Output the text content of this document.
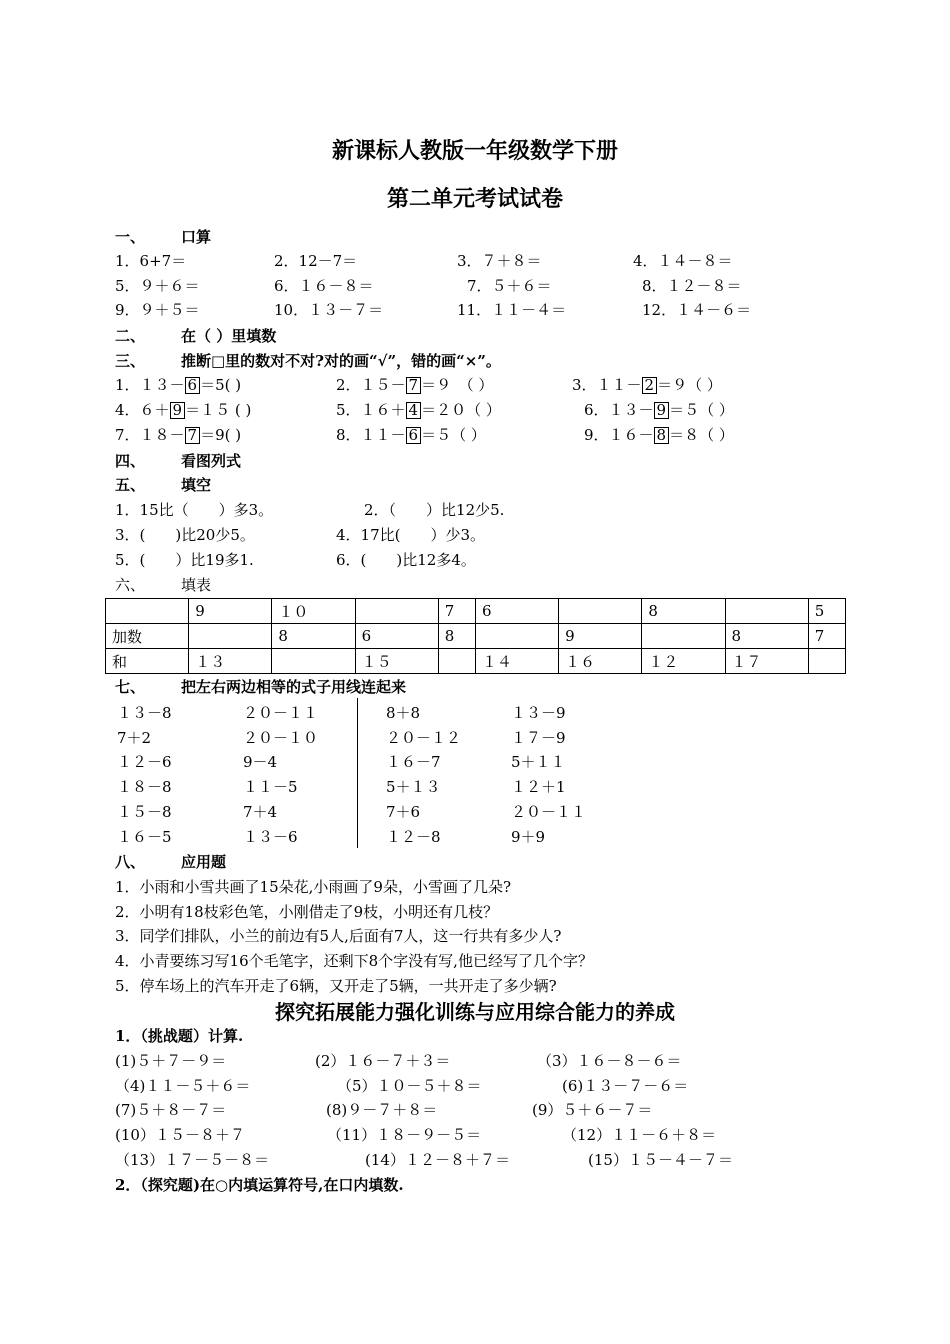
新课标人教版一年级数学下册
第二单元考试试卷
一、 口算
1．6+7＝	2．12－7＝	3．７＋８＝	4．１４－８＝
5．９＋６＝	6．１６－８＝	7．５＋６＝	8．１２－８＝
9．９＋５＝	10．１３－７＝	11．１１－４＝	12．１４－６＝
二、 在（ ）里填数
三、 推断□里的数对不对?对的画“√”，错的画“×”。
1．１３－ 6 ＝5( )	2．１５－ 7 ＝９　（ ）	3．１１－ 2 ＝９（ ）
4．６＋ 9 ＝１５ ( )	5．１６＋ 4 ＝２０（ ）	6．１３－ 9 ＝５（ ）
7．１８－ 7 ＝9( )	8．１１－ 6 ＝５（ ）	9．１６－ 8 ＝８（ ）
四、 看图列式
五、 填空
1．15比（　　）多3。	2．（　　）比12少5.
3．(　　)比20少5。	4．17比(　　）少3。
5．(　　）比19多1.	6．(　　)比12多4。
六、 填表
	9	１０		7	6		8		5
加数		8	6	8		9		8	7
和	１３		１５		１４	１６	１２	１７	
七、 把左右两边相等的式子用线连起来
１３－8
7＋2
１２－6
１８－8
１５－8
１６－5
２０－１１
２０－１０
9－4
１１－5
7＋4
１３－6
8＋8
２０－１２
１６－7
5＋１３
7＋6
１２－8
１３－9
１７－9
5＋１１
１２＋1
２０－１１
9＋9
八、 应用题
1．小雨和小雪共画了15朵花,小雨画了9朵，小雪画了几朵?
2．小明有18枝彩色笔，小刚借走了9枝，小明还有几枝？
3．同学们排队，小兰的前边有5人,后面有7人，这一行共有多少人?
4．小青要练习写16个毛笔字，还剩下8个字没有写,他已经写了几个字？
5．停车场上的汽车开走了6辆，又开走了5辆，一共开走了多少辆?
探究拓展能力强化训练与应用综合能力的养成
1．（挑战题）计算.
(1)５＋７－９＝	(2）１６－７＋３＝	（3）１６－８－６＝
（4)１１－５＋６＝	（5）１０－５＋８＝	(6)１３－７－６＝
(7)５＋８－７＝	(8)９－７＋８＝	(9）５＋６－７＝
(10）１５－８＋７	（11）１８－９－５＝	（12）１１－６＋８＝
（13）１７－５－８＝	(14）１２－８＋７＝	(15）１５－４－７＝
2．（探究题)在○内填运算符号,在口内填数.
